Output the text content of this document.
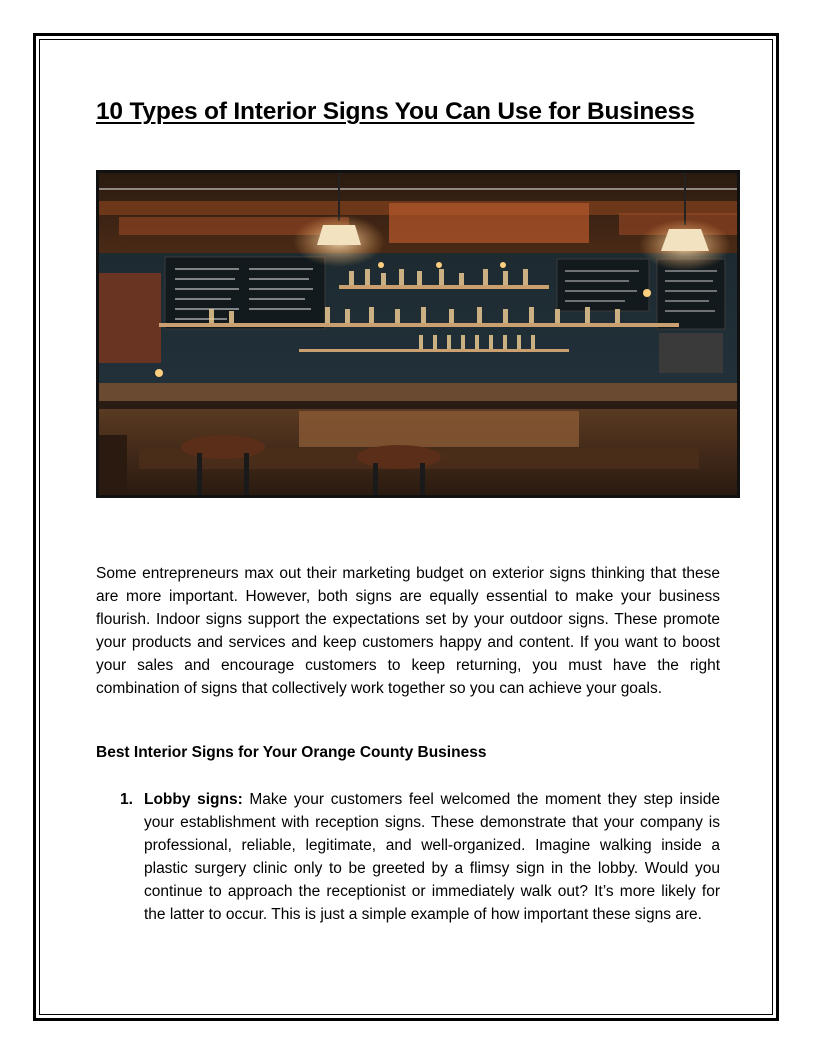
10 Types of Interior Signs You Can Use for Business
Some entrepreneurs max out their marketing budget on exterior signs thinking that these are more important. However, both signs are equally essential to make your business flourish. Indoor signs support the expectations set by your outdoor signs. These promote your products and services and keep customers happy and content. If you want to boost your sales and encourage customers to keep returning, you must have the right combination of signs that collectively work together so you can achieve your goals.
Best Interior Signs for Your Orange County Business
1. Lobby signs: Make your customers feel welcomed the moment they step inside your establishment with reception signs. These demonstrate that your company is professional, reliable, legitimate, and well-organized. Imagine walking inside a plastic surgery clinic only to be greeted by a flimsy sign in the lobby. Would you continue to approach the receptionist or immediately walk out? It’s more likely for the latter to occur. This is just a simple example of how important these signs are.
